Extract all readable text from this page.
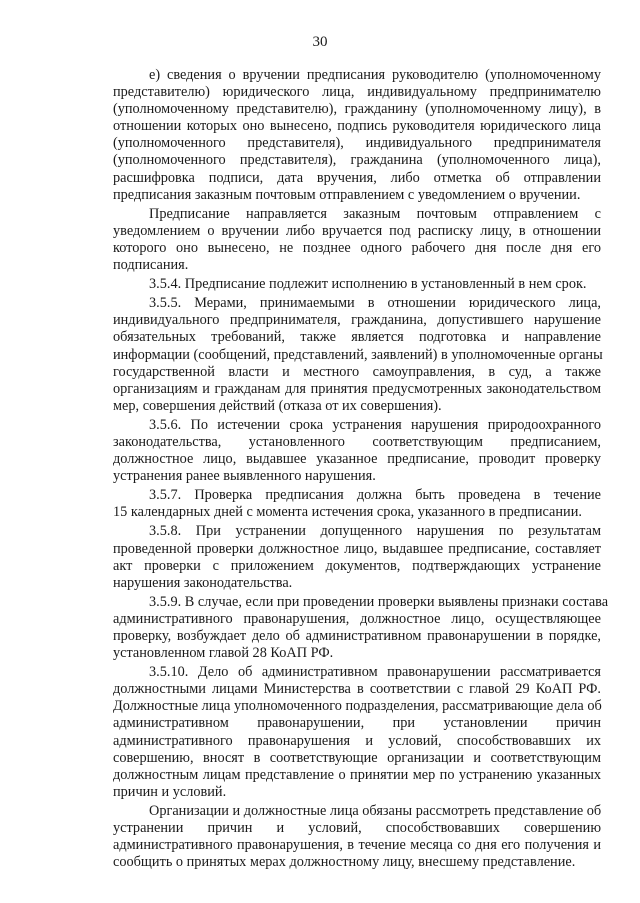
30
е) сведения о вручении предписания руководителю (уполномоченному
представителю) юридического лица, индивидуальному предпринимателю
(уполномоченному представителю), гражданину (уполномоченному лицу), в
отношении которых оно вынесено, подпись руководителя юридического лица
(уполномоченного представителя), индивидуального предпринимателя
(уполномоченного представителя), гражданина (уполномоченного лица),
расшифровка подписи, дата вручения, либо отметка об отправлении
предписания заказным почтовым отправлением с уведомлением о вручении.
Предписание направляется заказным почтовым отправлением с
уведомлением о вручении либо вручается под расписку лицу, в отношении
которого оно вынесено, не позднее одного рабочего дня после дня его
подписания.
3.5.4. Предписание подлежит исполнению в установленный в нем срок.
3.5.5. Мерами, принимаемыми в отношении юридического лица,
индивидуального предпринимателя, гражданина, допустившего нарушение
обязательных требований, также является подготовка и направление
информации (сообщений, представлений, заявлений) в уполномоченные органы
государственной власти и местного самоуправления, в суд, а также
организациям и гражданам для принятия предусмотренных законодательством
мер, совершения действий (отказа от их совершения).
3.5.6. По истечении срока устранения нарушения природоохранного
законодательства, установленного соответствующим предписанием,
должностное лицо, выдавшее указанное предписание, проводит проверку
устранения ранее выявленного нарушения.
3.5.7. Проверка предписания должна быть проведена в течение
15 календарных дней с момента истечения срока, указанного в предписании.
3.5.8. При устранении допущенного нарушения по результатам
проведенной проверки должностное лицо, выдавшее предписание, составляет
акт проверки с приложением документов, подтверждающих устранение
нарушения законодательства.
3.5.9. В случае, если при проведении проверки выявлены признаки состава
административного правонарушения, должностное лицо, осуществляющее
проверку, возбуждает дело об административном правонарушении в порядке,
установленном главой 28 КоАП РФ.
3.5.10. Дело об административном правонарушении рассматривается
должностными лицами Министерства в соответствии с главой 29 КоАП РФ.
Должностные лица уполномоченного подразделения, рассматривающие дела об
административном правонарушении, при установлении причин
административного правонарушения и условий, способствовавших их
совершению, вносят в соответствующие организации и соответствующим
должностным лицам представление о принятии мер по устранению указанных
причин и условий.
Организации и должностные лица обязаны рассмотреть представление об
устранении причин и условий, способствовавших совершению
административного правонарушения, в течение месяца со дня его получения и
сообщить о принятых мерах должностному лицу, внесшему представление.
